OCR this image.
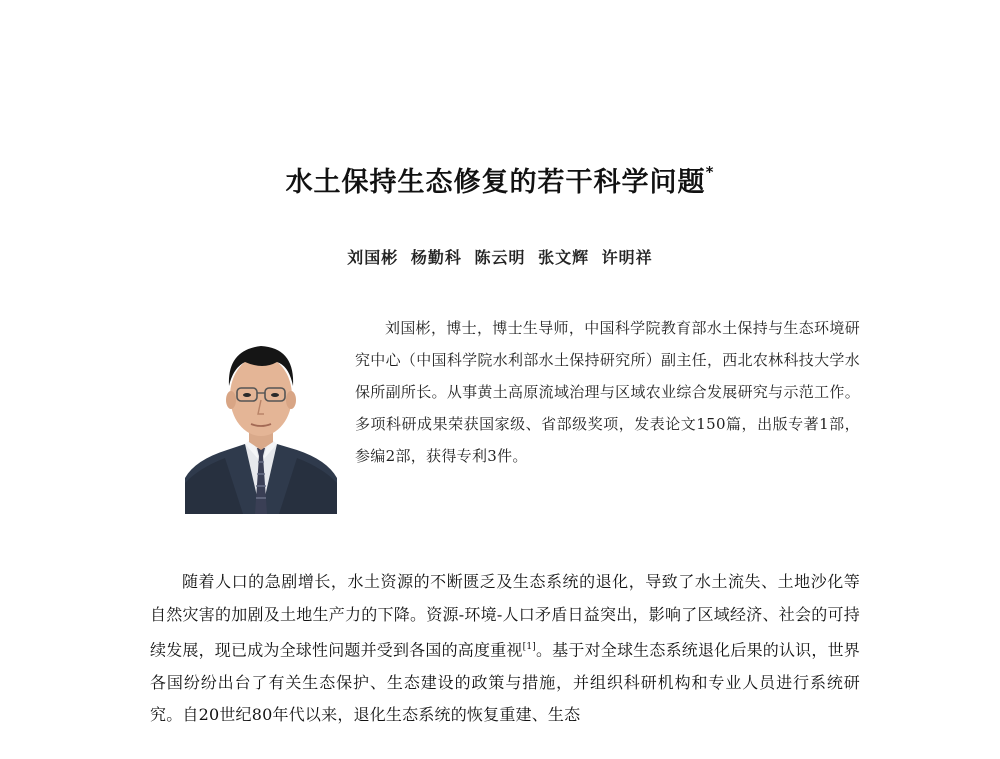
水土保持生态修复的若干科学问题*
刘国彬 杨勤科 陈云明 张文辉 许明祥
刘国彬，博士，博士生导师，中国科学院教育部水土保持与生态环境研究中心（中国科学院水利部水土保持研究所）副主任，西北农林科技大学水保所副所长。从事黄土高原流域治理与区域农业综合发展研究与示范工作。多项科研成果荣获国家级、省部级奖项，发表论文150篇，出版专著1部，参编2部，获得专利3件。
随着人口的急剧增长，水土资源的不断匮乏及生态系统的退化，导致了水土流失、土地沙化等自然灾害的加剧及土地生产力的下降。资源-环境-人口矛盾日益突出，影响了区域经济、社会的可持续发展，现已成为全球性问题并受到各国的高度重视[1]。基于对全球生态系统退化后果的认识，世界各国纷纷出台了有关生态保护、生态建设的政策与措施，并组织科研机构和专业人员进行系统研究。自20世纪80年代以来，退化生态系统的恢复重建、生态
